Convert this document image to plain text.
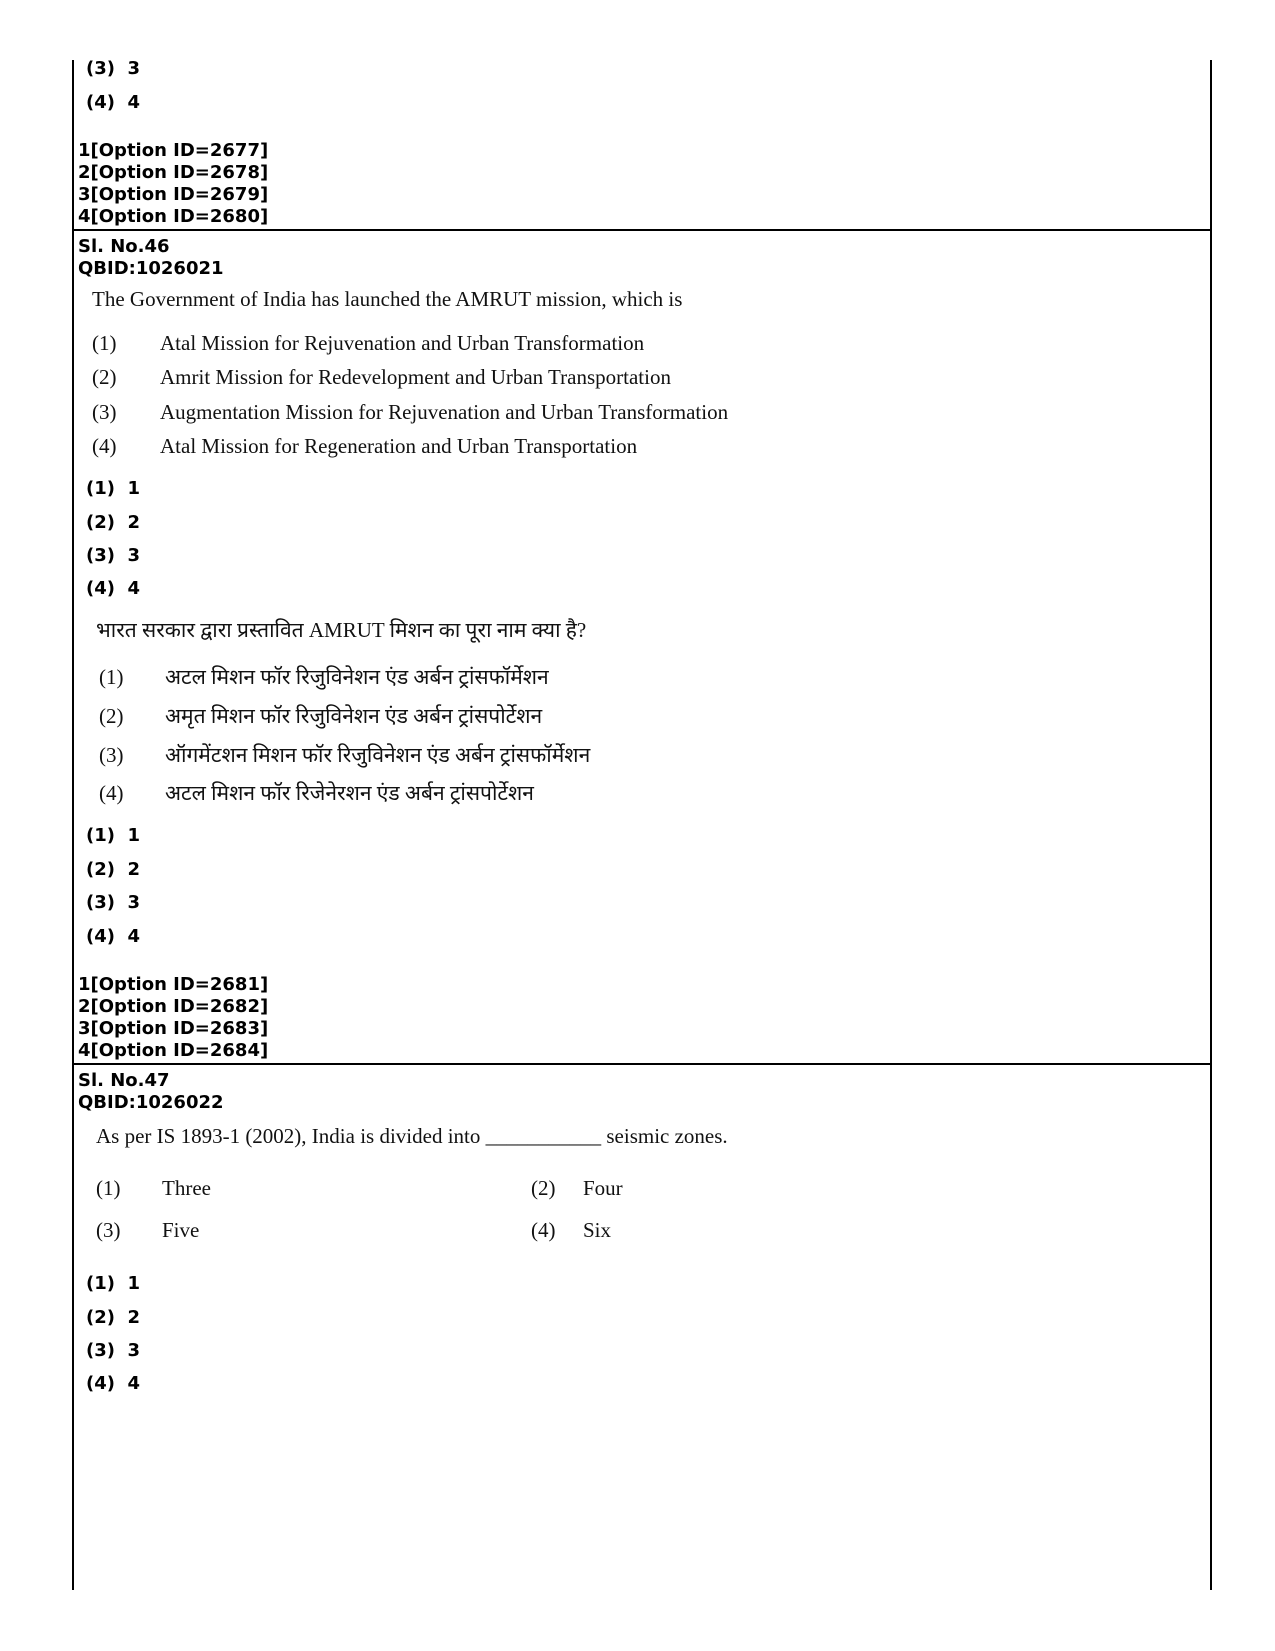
(3) 3
(4) 4
1[Option ID=2677]
2[Option ID=2678]
3[Option ID=2679]
4[Option ID=2680]
Sl. No.46
QBID:1026021
The Government of India has launched the AMRUT mission, which is
(1) Atal Mission for Rejuvenation and Urban Transformation
(2) Amrit Mission for Redevelopment and Urban Transportation
(3) Augmentation Mission for Rejuvenation and Urban Transformation
(4) Atal Mission for Regeneration and Urban Transportation
(1) 1
(2) 2
(3) 3
(4) 4
भारत सरकार द्वारा प्रस्तावित AMRUT मिशन का पूरा नाम क्या है?
(1) अटल मिशन फॉर रिजुविनेशन एंड अर्बन ट्रांसफॉर्मेशन
(2) अमृत मिशन फॉर रिजुविनेशन एंड अर्बन ट्रांसपोर्टेशन
(3) ऑगमेंटशन मिशन फॉर रिजुविनेशन एंड अर्बन ट्रांसफॉर्मेशन
(4) अटल मिशन फॉर रिजेनेरशन एंड अर्बन ट्रांसपोर्टेशन
(1) 1
(2) 2
(3) 3
(4) 4
1[Option ID=2681]
2[Option ID=2682]
3[Option ID=2683]
4[Option ID=2684]
Sl. No.47
QBID:1026022
As per IS 1893-1 (2002), India is divided into ___________ seismic zones.
(1) Three	(2) Four
(3) Five	(4) Six
(1) 1
(2) 2
(3) 3
(4) 4
